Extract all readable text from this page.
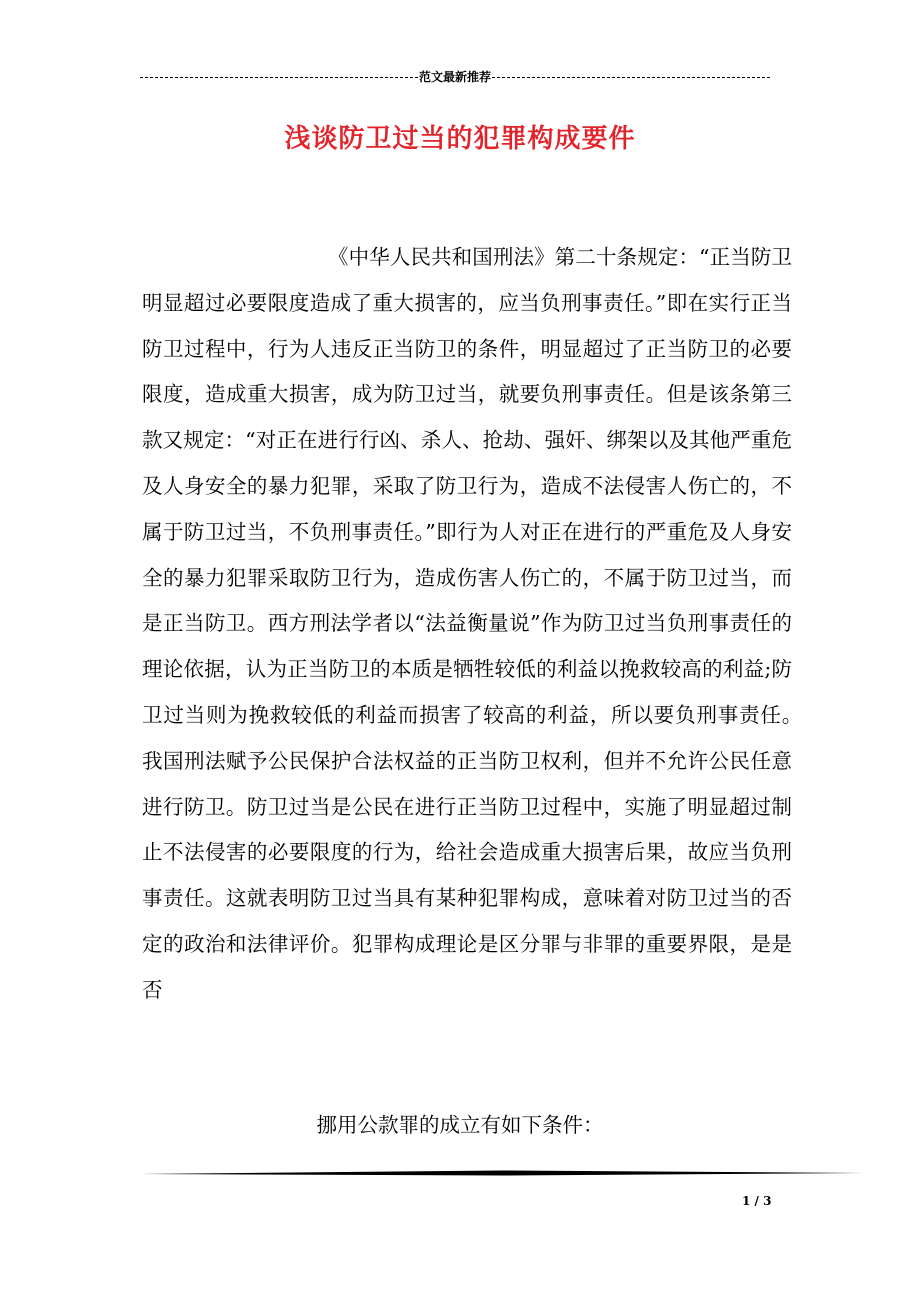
范文最新推荐
浅谈防卫过当的犯罪构成要件

《中华人民共和国刑法》第二十条规定：“正当防卫明显超过必要限度造成了重大损害的，应当负刑事责任。”即在实行正当防卫过程中，行为人违反正当防卫的条件，明显超过了正当防卫的必要限度，造成重大损害，成为防卫过当，就要负刑事责任。但是该条第三款又规定：“对正在进行行凶、杀人、抢劫、强奸、绑架以及其他严重危及人身安全的暴力犯罪，采取了防卫行为，造成不法侵害人伤亡的，不属于防卫过当，不负刑事责任。”即行为人对正在进行的严重危及人身安全的暴力犯罪采取防卫行为，造成伤害人伤亡的，不属于防卫过当，而是正当防卫。西方刑法学者以“法益衡量说”作为防卫过当负刑事责任的理论依据，认为正当防卫的本质是牺牲较低的利益以挽救较高的利益;防卫过当则为挽救较低的利益而损害了较高的利益，所以要负刑事责任。　我国刑法赋予公民保护合法权益的正当防卫权利，但并不允许公民任意进行防卫。防卫过当是公民在进行正当防卫过程中，实施了明显超过制止不法侵害的必要限度的行为，给社会造成重大损害后果，故应当负刑事责任。这就表明防卫过当具有某种犯罪构成，意味着对防卫过当的否定的政治和法律评价。犯罪构成理论是区分罪与非罪的重要界限，是是否

挪用公款罪的成立有如下条件：
1 / 3
